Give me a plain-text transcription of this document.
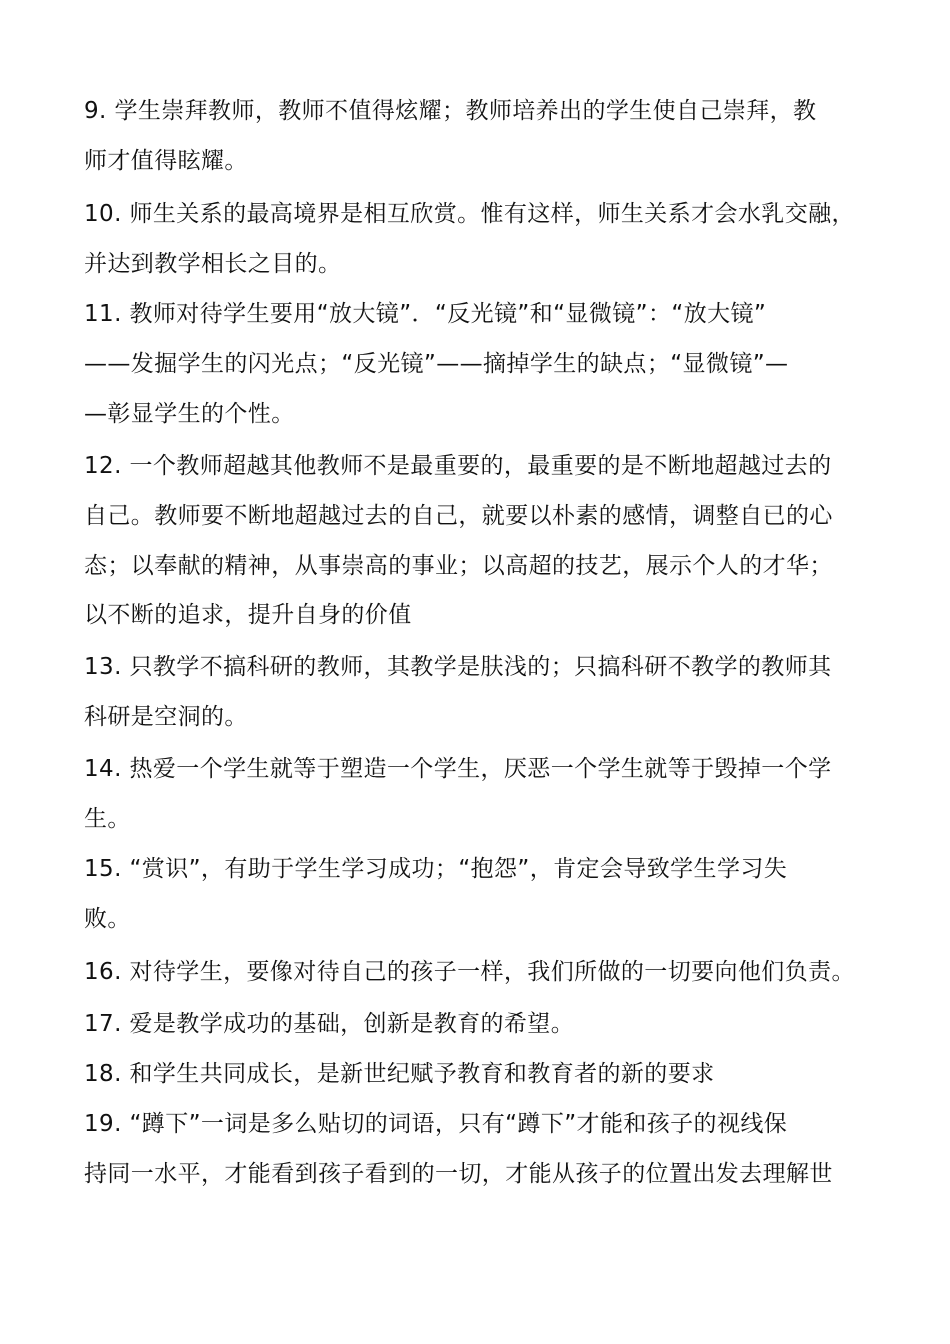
9. 学生崇拜教师，教师不值得炫耀；教师培养出的学生使自己崇拜，教
师才值得眩耀。
10. 师生关系的最高境界是相互欣赏。惟有这样，师生关系才会水乳交融，
并达到教学相长之目的。
11. 教师对待学生要用“放大镜”．“反光镜”和“显微镜”：“放大镜”
——发掘学生的闪光点；“反光镜”——摘掉学生的缺点；“显微镜”—
—彰显学生的个性。
12. 一个教师超越其他教师不是最重要的，最重要的是不断地超越过去的
自己。教师要不断地超越过去的自己，就要以朴素的感情，调整自已的心
态；以奉献的精神，从事崇高的事业；以高超的技艺，展示个人的才华；
以不断的追求，提升自身的价值
13. 只教学不搞科研的教师，其教学是肤浅的；只搞科研不教学的教师其
科研是空洞的。
14. 热爱一个学生就等于塑造一个学生，厌恶一个学生就等于毁掉一个学
生。
15. “赏识”，有助于学生学习成功；“抱怨”，肯定会导致学生学习失
败。
16. 对待学生，要像对待自己的孩子一样，我们所做的一切要向他们负责。
17. 爱是教学成功的基础，创新是教育的希望。
18. 和学生共同成长，是新世纪赋予教育和教育者的新的要求
19. “蹲下”一词是多么贴切的词语，只有“蹲下”才能和孩子的视线保
持同一水平，才能看到孩子看到的一切，才能从孩子的位置出发去理解世
